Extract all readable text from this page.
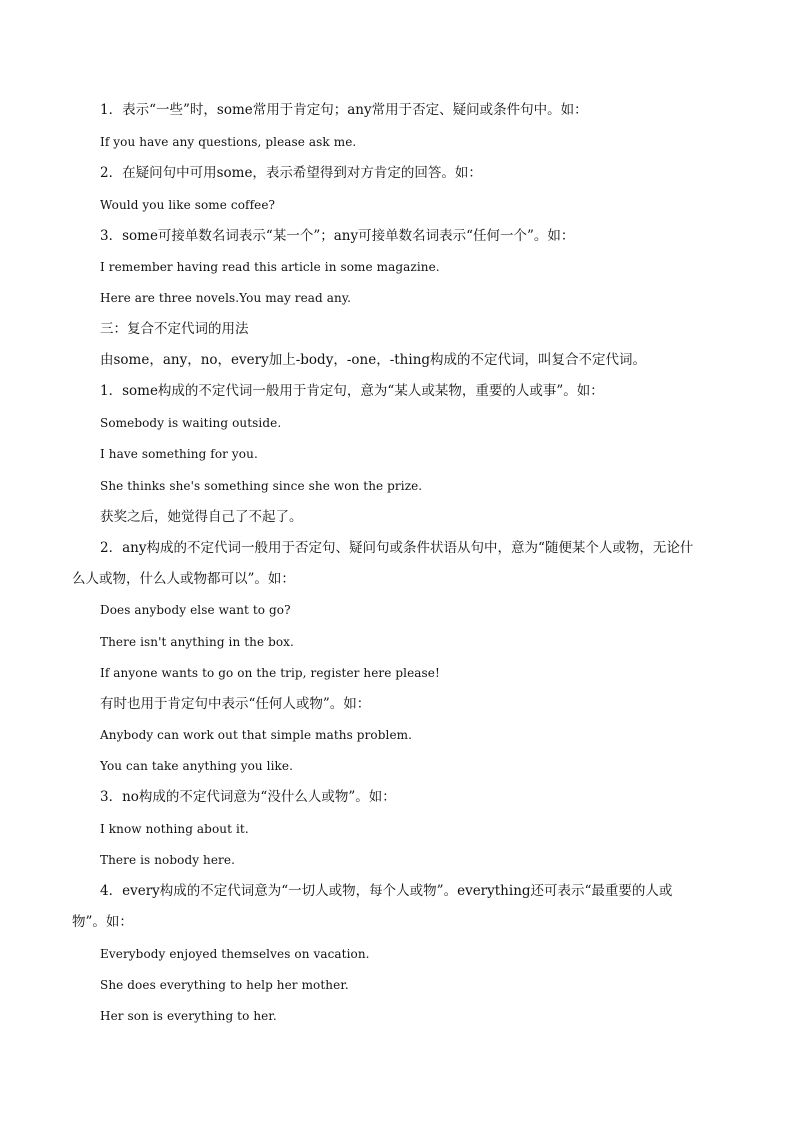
1．表示“一些”时，some常用于肯定句；any常用于否定、疑问或条件句中。如：
If you have any questions, please ask me.
2．在疑问句中可用some，表示希望得到对方肯定的回答。如：
Would you like some coffee?
3．some可接单数名词表示“某一个”；any可接单数名词表示“任何一个”。如：
I remember having read this article in some magazine.
Here are three novels.You may read any.
三：复合不定代词的用法
由some，any，no，every加上-body，-one，-thing构成的不定代词，叫复合不定代词。
1．some构成的不定代词一般用于肯定句，意为“某人或某物，重要的人或事”。如：
Somebody is waiting outside.
I have something for you.
She thinks she's something since she won the prize.
获奖之后，她觉得自己了不起了。
2．any构成的不定代词一般用于否定句、疑问句或条件状语从句中，意为“随便某个人或物，无论什
么人或物，什么人或物都可以”。如：
Does anybody else want to go?
There isn't anything in the box.
If anyone wants to go on the trip, register here please!
有时也用于肯定句中表示“任何人或物”。如：
Anybody can work out that simple maths problem.
You can take anything you like.
3．no构成的不定代词意为“没什么人或物”。如：
I know nothing about it.
There is nobody here.
4．every构成的不定代词意为“一切人或物，每个人或物”。everything还可表示“最重要的人或
物”。如：
Everybody enjoyed themselves on vacation.
She does everything to help her mother.
Her son is everything to her.
